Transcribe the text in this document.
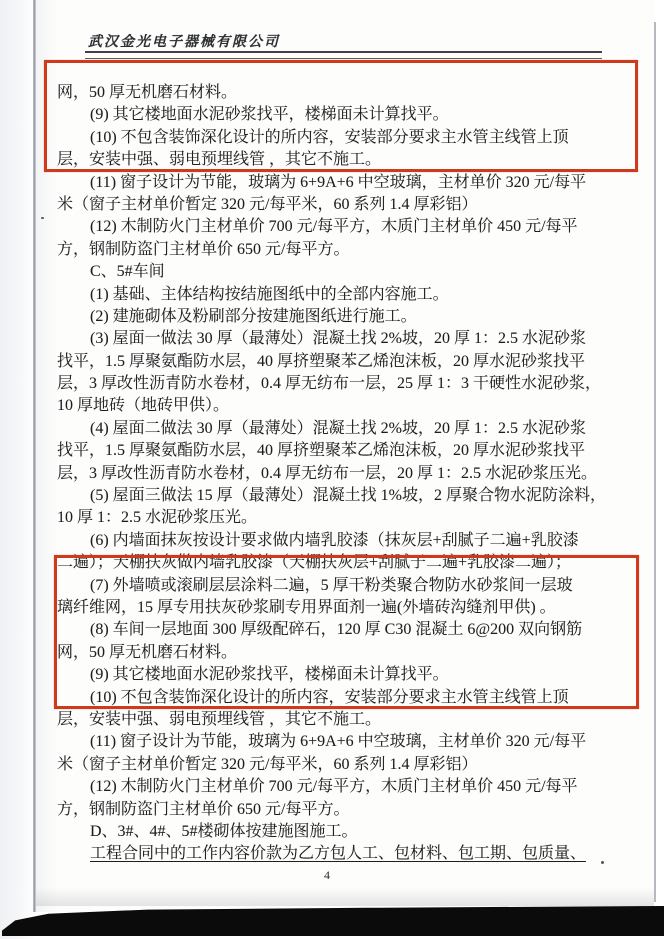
武汉金光电子器械有限公司
网，50 厚无机磨石材料。
(9) 其它楼地面水泥砂浆找平，楼梯面未计算找平。
(10) 不包含装饰深化设计的所内容，安装部分要求主水管主线管上顶
层，安装中强、弱电预埋线管 ，其它不施工。
(11) 窗子设计为节能，玻璃为 6+9A+6 中空玻璃，主材单价 320 元/每平
米（窗子主材单价暂定 320 元/每平米，60 系列 1.4 厚彩铝）
(12) 木制防火门主材单价 700 元/每平方，木质门主材单价 450 元/每平
方，钢制防盗门主材单价 650 元/每平方。
C、5#车间
(1) 基础、主体结构按结施图纸中的全部内容施工。
(2) 建施砌体及粉刷部分按建施图纸进行施工。
(3) 屋面一做法 30 厚（最薄处）混凝土找 2%坡，20 厚 1：2.5 水泥砂浆
找平，1.5 厚聚氨酯防水层，40 厚挤塑聚苯乙烯泡沫板，20 厚水泥砂浆找平
层，3 厚改性沥青防水卷材，0.4 厚无纺布一层，25 厚 1：3 干硬性水泥砂浆，
10 厚地砖（地砖甲供）。
(4) 屋面二做法 30 厚（最薄处）混凝土找 2%坡，20 厚 1：2.5 水泥砂浆
找平，1.5 厚聚氨酯防水层，40 厚挤塑聚苯乙烯泡沫板，20 厚水泥砂浆找平
层，3 厚改性沥青防水卷材，0.4 厚无纺布一层，20 厚 1：2.5 水泥砂浆压光。
(5) 屋面三做法 15 厚（最薄处）混凝土找 1%坡，2 厚聚合物水泥防涂料，
10 厚 1：2.5 水泥砂浆压光。
(6) 内墙面抹灰按设计要求做内墙乳胶漆（抹灰层+刮腻子二遍+乳胶漆
二遍）；天棚扶灰做内墙乳胶漆（天棚扶灰层+刮腻子二遍+乳胶漆二遍）；
(7) 外墙喷或滚刷层层涂料二遍，5 厚干粉类聚合物防水砂浆间一层玻
璃纤维网，15 厚专用扶灰砂浆刷专用界面剂一遍(外墙砖沟缝剂甲供) 。
(8) 车间一层地面 300 厚级配碎石，120 厚 C30 混凝土 6@200 双向钢筋
网，50 厚无机磨石材料。
(9) 其它楼地面水泥砂浆找平，楼梯面未计算找平。
(10) 不包含装饰深化设计的所内容，安装部分要求主水管主线管上顶
层，安装中强、弱电预埋线管 ，其它不施工。
(11) 窗子设计为节能，玻璃为 6+9A+6 中空玻璃，主材单价 320 元/每平
米（窗子主材单价暂定 320 元/每平米，60 系列 1.4 厚彩铝）
(12) 木制防火门主材单价 700 元/每平方，木质门主材单价 450 元/每平
方，钢制防盗门主材单价 650 元/每平方。
D、3#、4#、5#楼砌体按建施图施工。
工程合同中的工作内容价款为乙方包人工、包材料、包工期、包质量、
4
